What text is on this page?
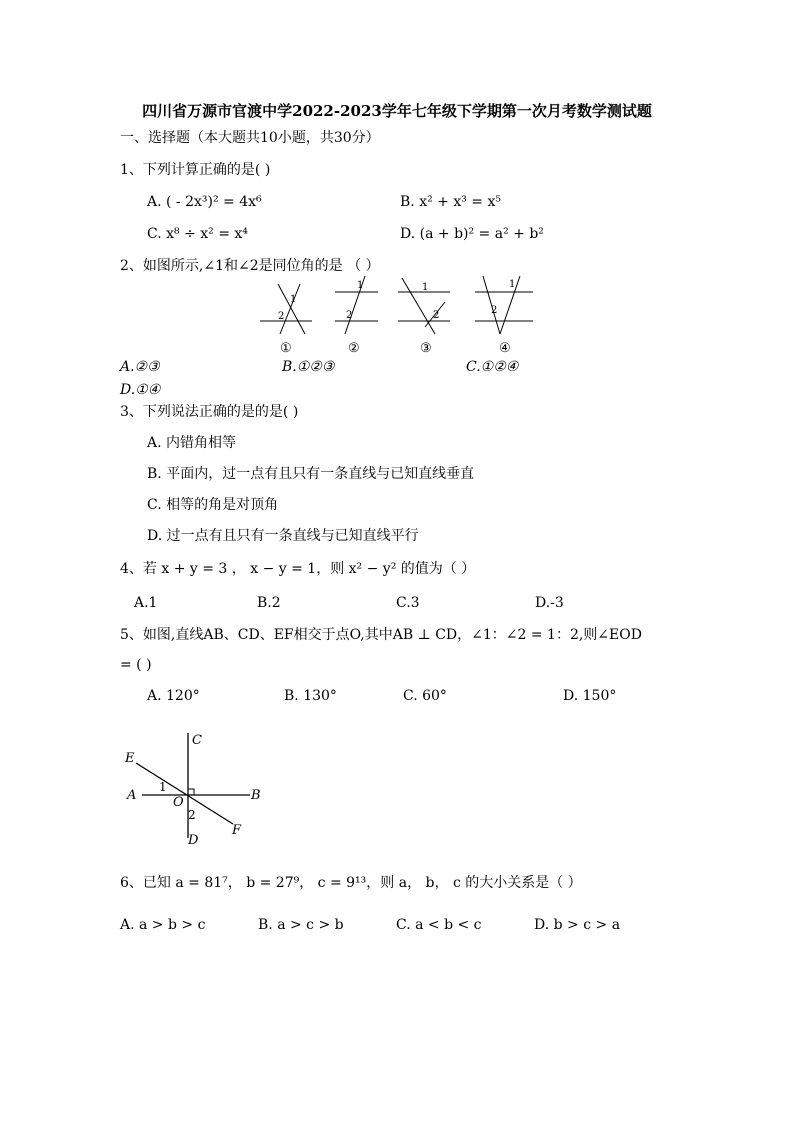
四川省万源市官渡中学2022-2023学年七年级下学期第一次月考数学测试题
一、选择题（本大题共10小题，共30分）
1、下列计算正确的是( )
A. ( - 2x³)² = 4x⁶	B. x² + x³ = x⁵
C. x⁸ ÷ x² = x⁴	D. (a + b)² = a² + b²
2、如图所示,∠1和∠2是同位角的是 （ ）
1
2
1
2
1
2
1
2
①	②	③	④
A.②③	B.①②③	C.①②④
D.①④
3、下列说法正确的是的是( )
A. 内错角相等
B. 平面内，过一点有且只有一条直线与已知直线垂直
C. 相等的角是对顶角
D. 过一点有且只有一条直线与已知直线平行
4、若 x + y = 3 ， x − y = 1，则 x² − y² 的值为（ ）
A.1	B.2	C.3	D.-3
5、如图,直线AB、CD、EF相交于点O,其中AB ⊥ CD，∠1：∠2 = 1：2,则∠EOD
= ( )
A. 120°	B. 130°	C. 60°	D. 150°
C
E
A	O	B
F
D
1
2
6、已知 a = 81⁷， b = 27⁹， c = 9¹³，则 a， b， c 的大小关系是（ ）
A. a > b > c	B. a > c > b	C. a < b < c	D. b > c > a
